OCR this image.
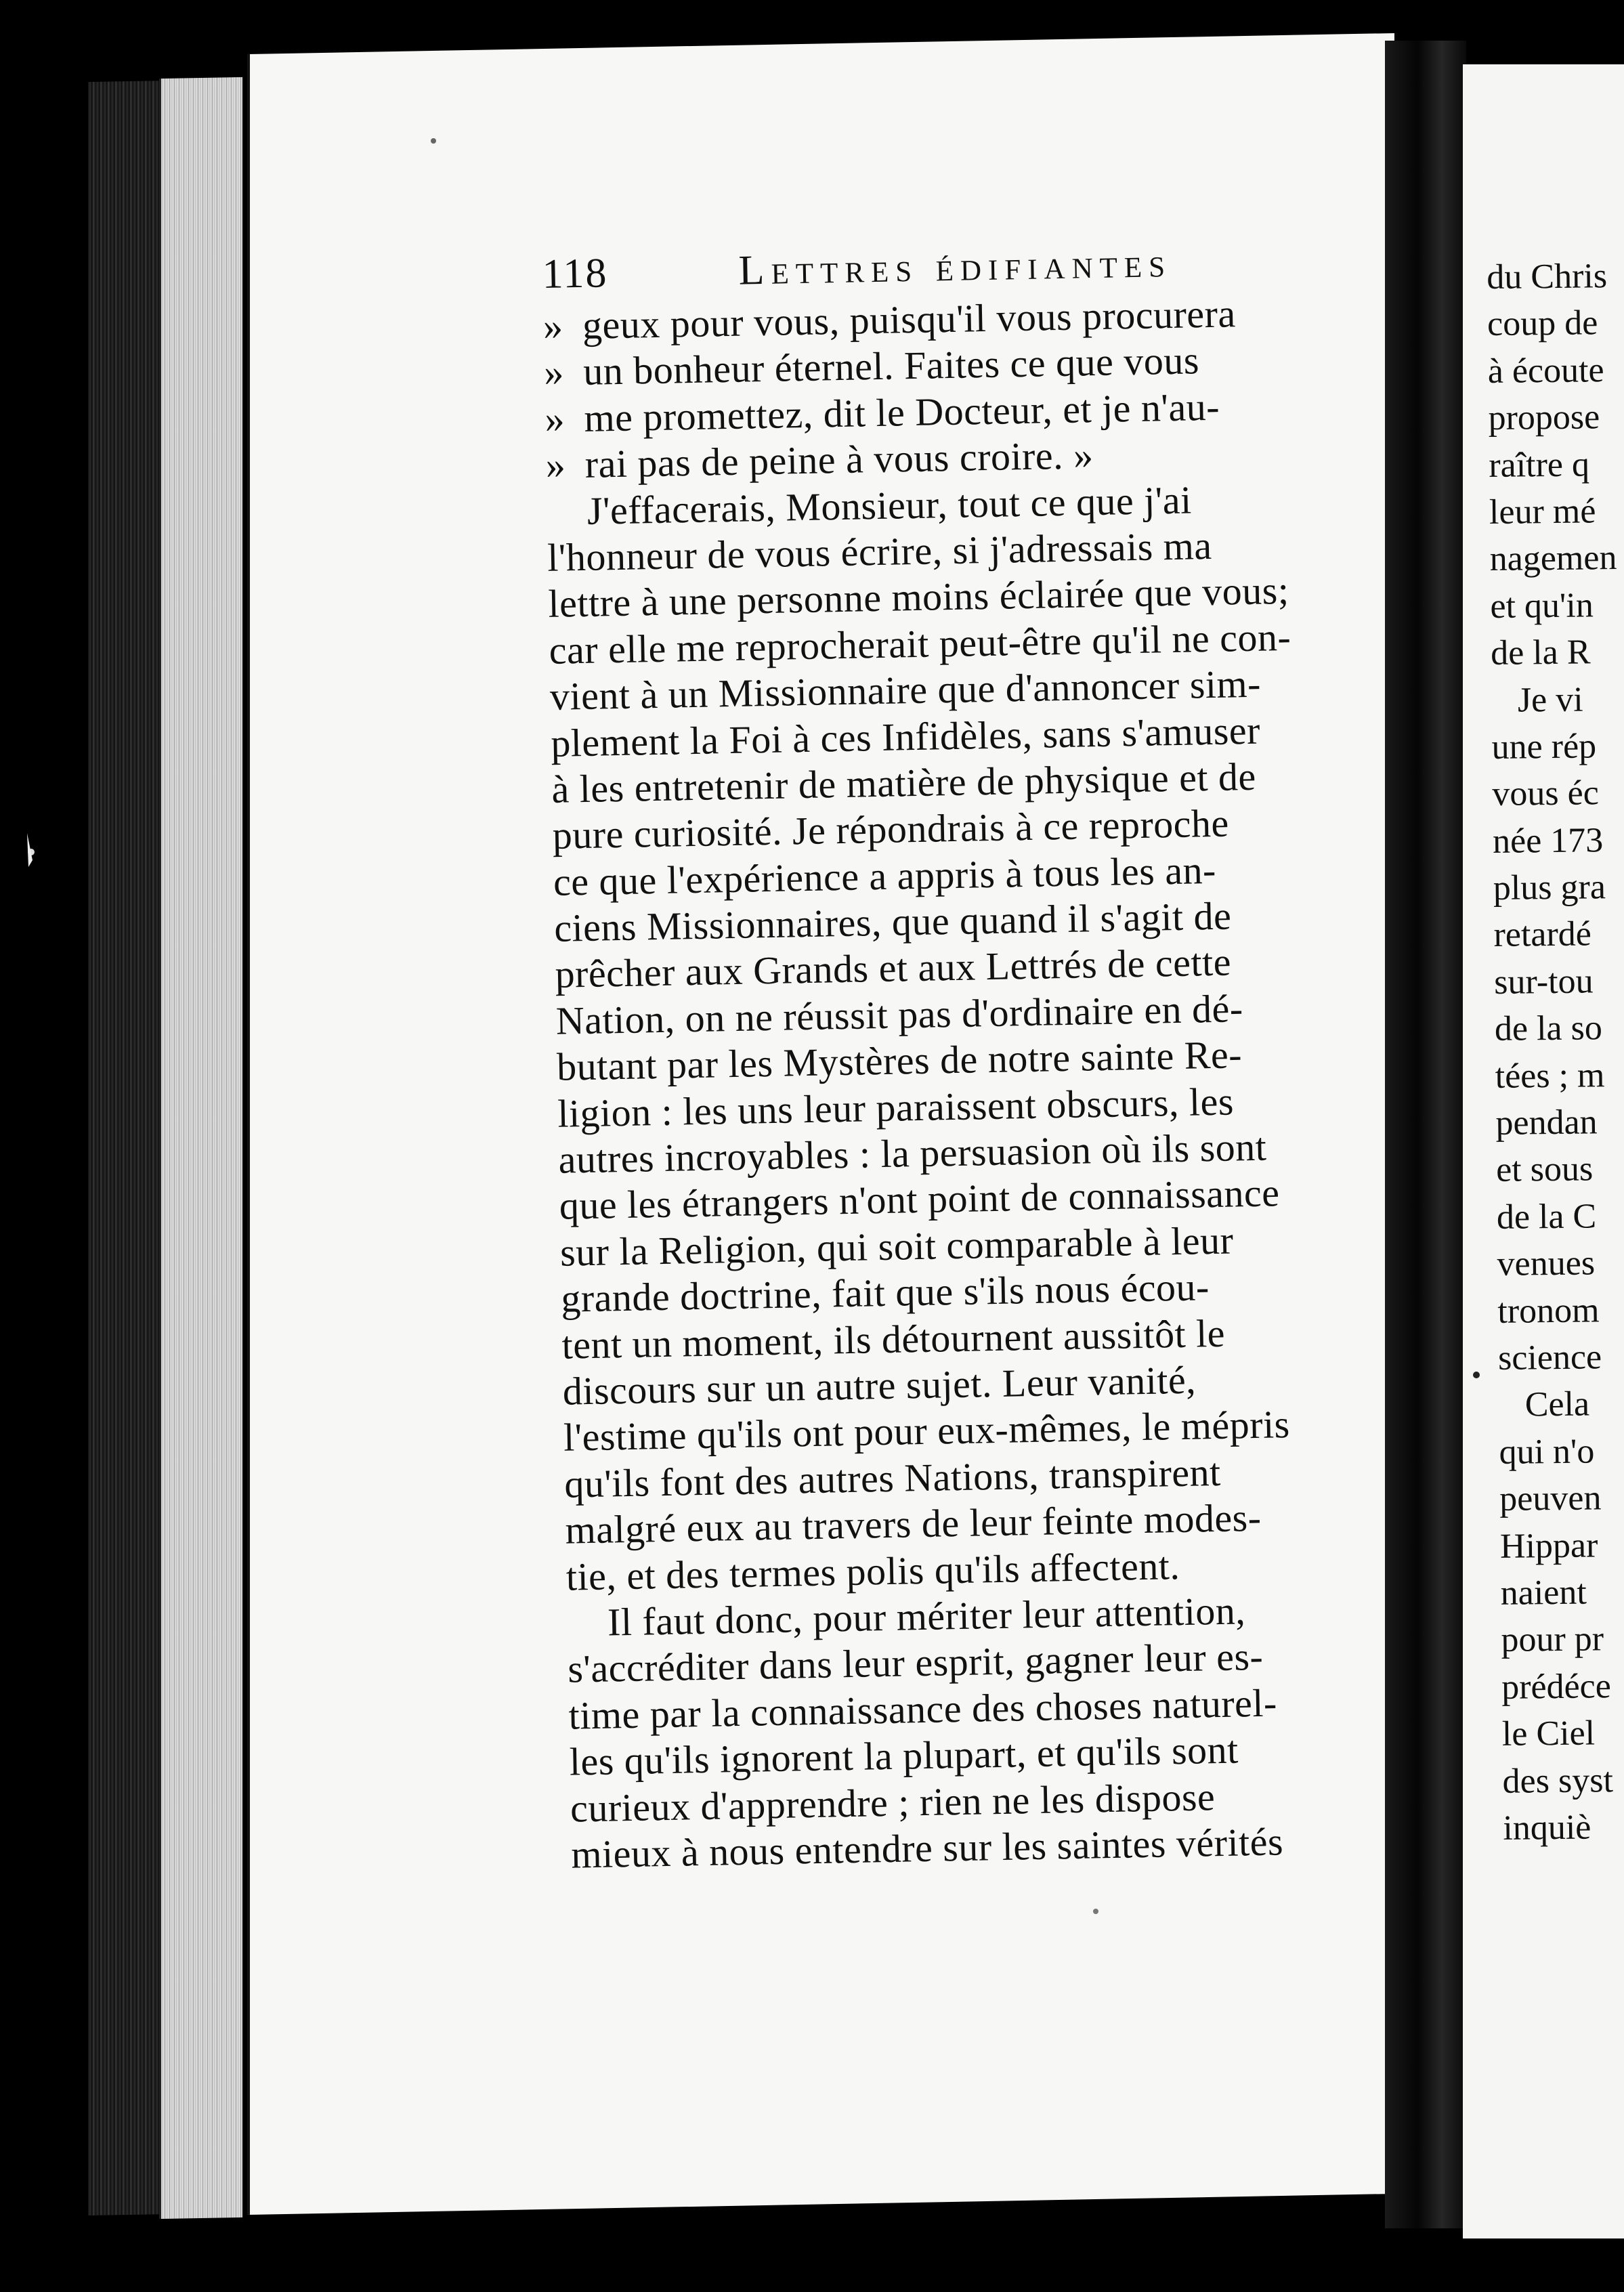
118	Lettres édifiantes
» geux pour vous, puisqu'il vous procurera
» un bonheur éternel. Faites ce que vous
» me promettez, dit le Docteur, et je n'au-
» rai pas de peine à vous croire. »
J'effacerais, Monsieur, tout ce que j'ai
l'honneur de vous écrire, si j'adressais ma
lettre à une personne moins éclairée que vous;
car elle me reprocherait peut-être qu'il ne con-
vient à un Missionnaire que d'annoncer sim-
plement la Foi à ces Infidèles, sans s'amuser
à les entretenir de matière de physique et de
pure curiosité. Je répondrais à ce reproche
ce que l'expérience a appris à tous les an-
ciens Missionnaires, que quand il s'agit de
prêcher aux Grands et aux Lettrés de cette
Nation, on ne réussit pas d'ordinaire en dé-
butant par les Mystères de notre sainte Re-
ligion : les uns leur paraissent obscurs, les
autres incroyables : la persuasion où ils sont
que les étrangers n'ont point de connaissance
sur la Religion, qui soit comparable à leur
grande doctrine, fait que s'ils nous écou-
tent un moment, ils détournent aussitôt le
discours sur un autre sujet. Leur vanité,
l'estime qu'ils ont pour eux-mêmes, le mépris
qu'ils font des autres Nations, transpirent
malgré eux au travers de leur feinte modes-
tie, et des termes polis qu'ils affectent.
Il faut donc, pour mériter leur attention,
s'accréditer dans leur esprit, gagner leur es-
time par la connaissance des choses naturel-
les qu'ils ignorent la plupart, et qu'ils sont
curieux d'apprendre ; rien ne les dispose
mieux à nous entendre sur les saintes vérités
du Chris
coup de
à écoute
propose
raître q
leur mé
nagemen
et qu'in
de la R
Je vi
une rép
vous éc
née 173
plus gra
retardé
sur-tou
de la so
tées ; m
pendan
et sous
de la C
venues
tronom
science
Cela
qui n'o
peuven
Hippar
naient
pour pr
prédéce
le Ciel
des syst
inquiè
